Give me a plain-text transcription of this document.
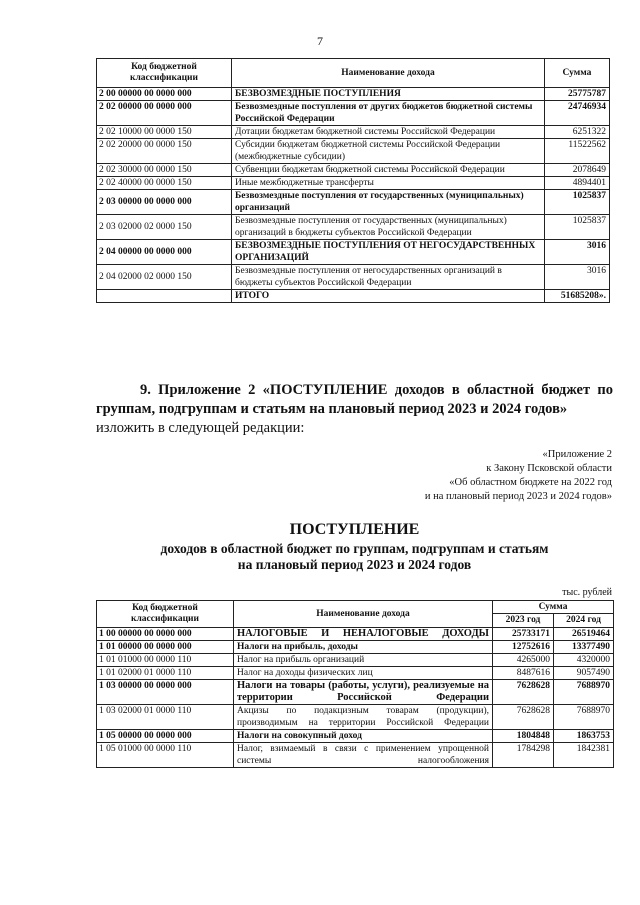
7
Код бюджетной классификации	Наименование дохода	Сумма
2 00 00000 00 0000 000	БЕЗВОЗМЕЗДНЫЕ ПОСТУПЛЕНИЯ	25775787
2 02 00000 00 0000 000	Безвозмездные поступления от других бюджетов бюджетной системы Российской Федерации	24746934
2 02 10000 00 0000 150	Дотации бюджетам бюджетной системы Российской Федерации	6251322
2 02 20000 00 0000 150	Субсидии бюджетам бюджетной системы Российской Федерации (межбюджетные субсидии)	11522562
2 02 30000 00 0000 150	Субвенции бюджетам бюджетной системы Российской Федерации	2078649
2 02 40000 00 0000 150	Иные межбюджетные трансферты	4894401
2 03 00000 00 0000 000	Безвозмездные поступления от государственных (муниципальных) организаций	1025837
2 03 02000 02 0000 150	Безвозмездные поступления от государственных (муниципальных) организаций в бюджеты субъектов Российской Федерации	1025837
2 04 00000 00 0000 000	БЕЗВОЗМЕЗДНЫЕ ПОСТУПЛЕНИЯ ОТ НЕГОСУДАРСТВЕННЫХ ОРГАНИЗАЦИЙ	3016
2 04 02000 02 0000 150	Безвозмездные поступления от негосударственных организаций в бюджеты субъектов Российской Федерации	3016
	ИТОГО	51685208».
9. Приложение 2 «ПОСТУПЛЕНИЕ доходов в областной бюджет по
группам, подгруппам и статьям на плановый период 2023 и 2024 годов»
изложить в следующей редакции:
«Приложение 2
к Закону Псковской области
«Об областном бюджете на 2022 год
и на плановый период 2023 и 2024 годов»
ПОСТУПЛЕНИЕ
доходов в областной бюджет по группам, подгруппам и статьям
на плановый период 2023 и 2024 годов
тыс. рублей
Код бюджетной классификации	Наименование дохода	Сумма	
		2023 год	2024 год
1 00 00000 00 0000 000	НАЛОГОВЫЕ И НЕНАЛОГОВЫЕ ДОХОДЫ	25733171	26519464
1 01 00000 00 0000 000	Налоги на прибыль, доходы	12752616	13377490
1 01 01000 00 0000 110	Налог на прибыль организаций	4265000	4320000
1 01 02000 01 0000 110	Налог на доходы физических лиц	8487616	9057490
1 03 00000 00 0000 000	Налоги на товары (работы, услуги), реализуемые на территории Российской Федерации	7628628	7688970
1 03 02000 01 0000 110	Акцизы по подакцизным товарам (продукции), производимым на территории Российской Федерации	7628628	7688970
1 05 00000 00 0000 000	Налоги на совокупный доход	1804848	1863753
1 05 01000 00 0000 110	Налог, взимаемый в связи с применением упрощенной системы налогообложения	1784298	1842381
